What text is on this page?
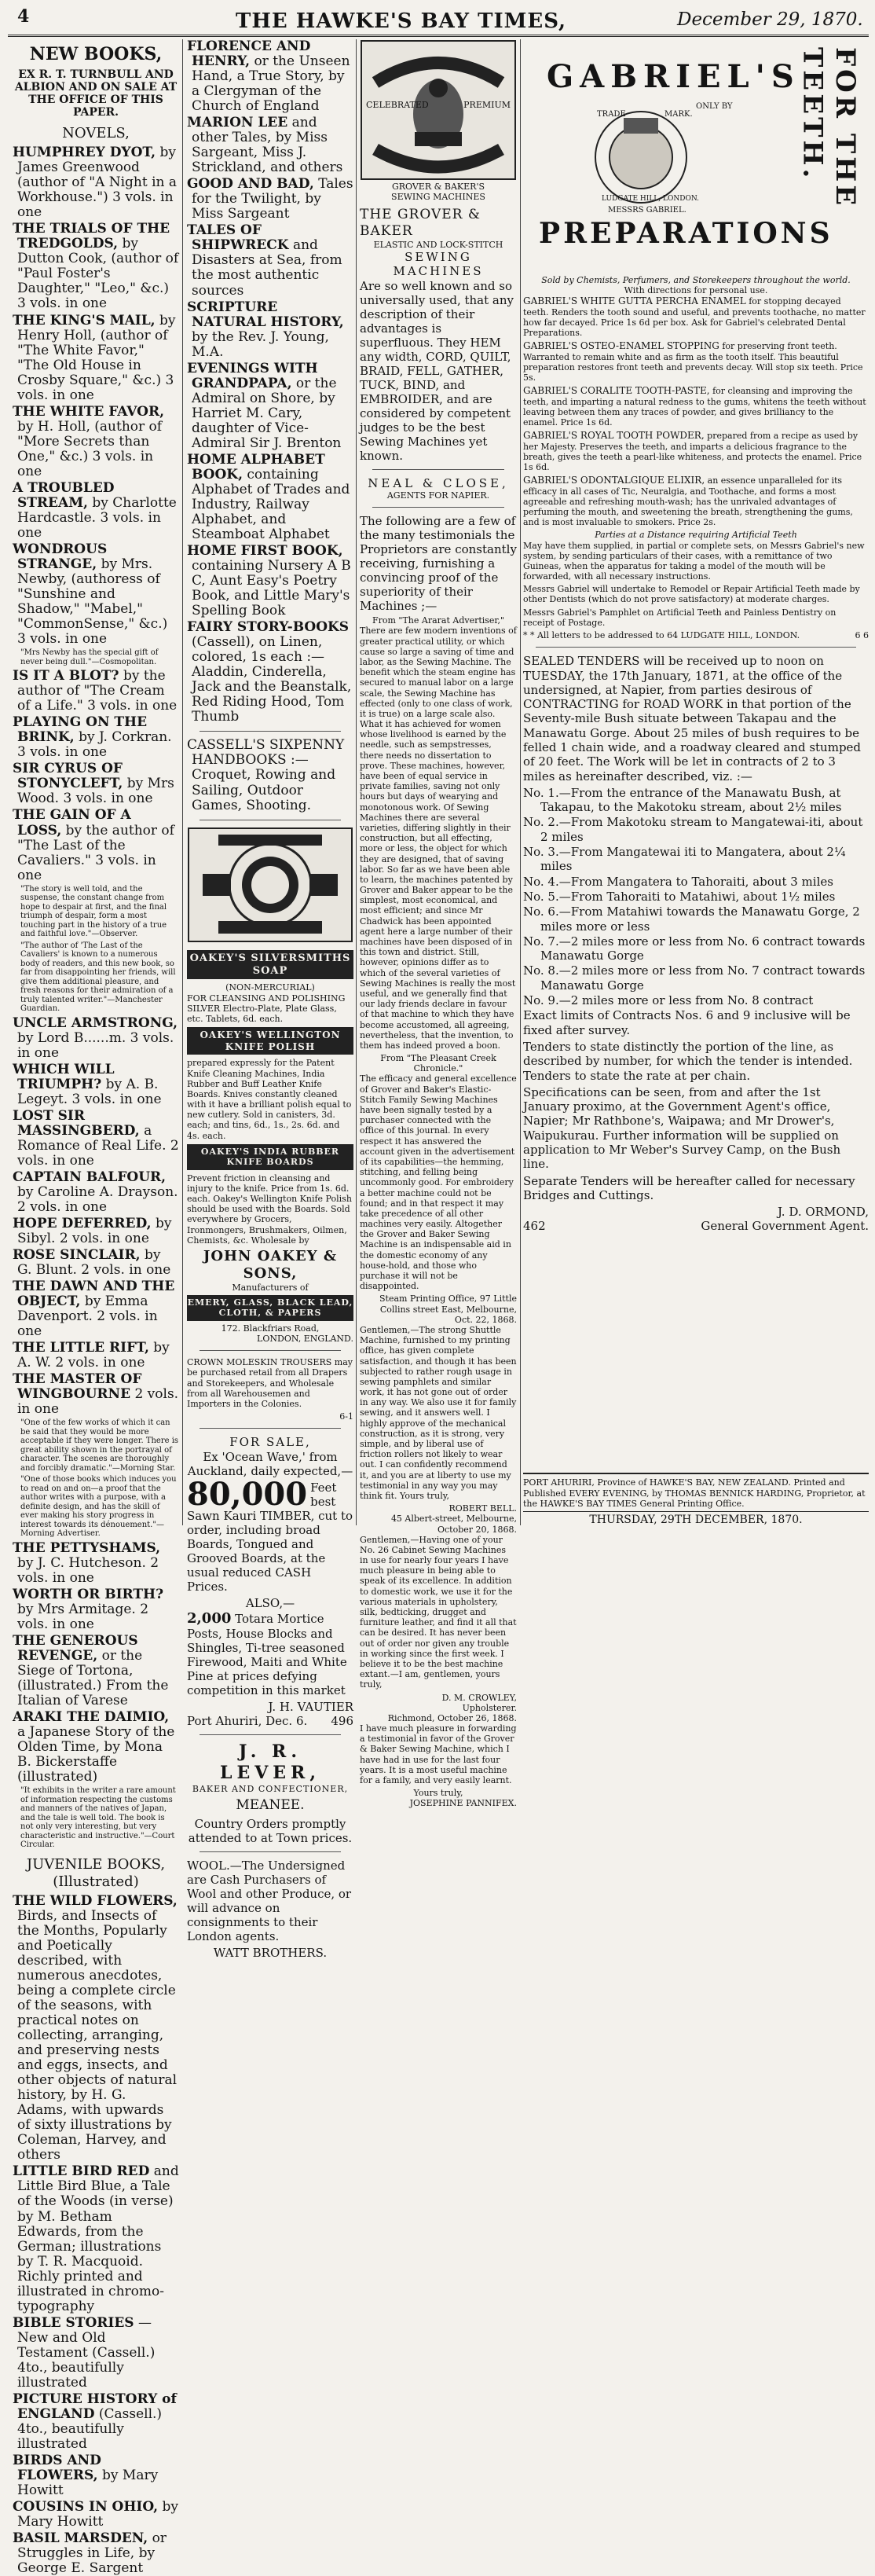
4	THE HAWKE'S BAY TIMES,	December 29, 1870.
NEW BOOKS,
EX R. T. TURNBULL AND ALBION AND ON SALE AT THE OFFICE OF THIS PAPER.
NOVELS,

HUMPHREY DYOT, by James Greenwood (author of "A Night in a Workhouse.") 3 vols. in one

THE TRIALS OF THE TREDGOLDS, by Dutton Cook, (author of "Paul Foster's Daughter," "Leo," &c.) 3 vols. in one

THE KING'S MAIL, by Henry Holl, (author of "The White Favor," "The Old House in Crosby Square," &c.) 3 vols. in one

THE WHITE FAVOR, by H. Holl, (author of "More Secrets than One," &c.) 3 vols. in one

A TROUBLED STREAM, by Charlotte Hardcastle. 3 vols. in one

WONDROUS STRANGE, by Mrs. Newby, (authoress of "Sunshine and Shadow," "Mabel," "CommonSense," &c.) 3 vols. in one

"Mrs Newby has the special gift of never being dull."—Cosmopolitan.

IS IT A BLOT? by the author of "The Cream of a Life." 3 vols. in one

PLAYING ON THE BRINK, by J. Corkran. 3 vols. in one

SIR CYRUS OF STONYCLEFT, by Mrs Wood. 3 vols. in one

THE GAIN OF A LOSS, by the author of "The Last of the Cavaliers." 3 vols. in one

"The story is well told, and the suspense, the constant change from hope to despair at first, and the final triumph of despair, form a most touching part in the history of a true and faithful love."—Observer.

"The author of 'The Last of the Cavaliers' is known to a numerous body of readers, and this new book, so far from disappointing her friends, will give them additional pleasure, and fresh reasons for their admiration of a truly talented writer."—Manchester Guardian.

UNCLE ARMSTRONG, by Lord B......m. 3 vols. in one

WHICH WILL TRIUMPH? by A. B. Legeyt. 3 vols. in one

LOST SIR MASSINGBERD, a Romance of Real Life. 2 vols. in one

CAPTAIN BALFOUR, by Caroline A. Drayson. 2 vols. in one

HOPE DEFERRED, by Sibyl. 2 vols. in one

ROSE SINCLAIR, by G. Blunt. 2 vols. in one

THE DAWN AND THE OBJECT, by Emma Davenport. 2 vols. in one

THE LITTLE RIFT, by A. W. 2 vols. in one

THE MASTER OF WINGBOURNE 2 vols. in one

"One of the few works of which it can be said that they would be more acceptable if they were longer. There is great ability shown in the portrayal of character. The scenes are thoroughly and forcibly dramatic."—Morning Star.

"One of those books which induces you to read on and on—a proof that the author writes with a purpose, with a definite design, and has the skill of ever making his story progress in interest towards its dénouement."—Morning Advertiser.

THE PETTYSHAMS, by J. C. Hutcheson. 2 vols. in one

WORTH OR BIRTH? by Mrs Armitage. 2 vols. in one

THE GENEROUS REVENGE, or the Siege of Tortona, (illustrated.) From the Italian of Varese

ARAKI THE DAIMIO, a Japanese Story of the Olden Time, by Mona B. Bickerstaffe (illustrated)

"It exhibits in the writer a rare amount of information respecting the customs and manners of the natives of Japan, and the tale is well told. The book is not only very interesting, but very characteristic and instructive."—Court Circular.

JUVENILE BOOKS, (Illustrated)

THE WILD FLOWERS, Birds, and Insects of the Months, Popularly and Poetically described, with numerous anecdotes, being a complete circle of the seasons, with practical notes on collecting, arranging, and preserving nests and eggs, insects, and other objects of natural history, by H. G. Adams, with upwards of sixty illustrations by Coleman, Harvey, and others

LITTLE BIRD RED and Little Bird Blue, a Tale of the Woods (in verse) by M. Betham Edwards, from the German; illustrations by T. R. Macquoid. Richly printed and illustrated in chromo-typography

BIBLE STORIES —New and Old Testament (Cassell.) 4to., beautifully illustrated

PICTURE HISTORY of ENGLAND (Cassell.) 4to., beautifully illustrated

BIRDS AND FLOWERS, by Mary Howitt

COUSINS IN OHIO, by Mary Howitt

BASIL MARSDEN, or Struggles in Life, by George E. Sargent

FLORENCE AND HENRY, or the Unseen Hand, a True Story, by a Clergyman of the Church of England

MARION LEE and other Tales, by Miss Sargeant, Miss J. Strickland, and others

GOOD AND BAD, Tales for the Twilight, by Miss Sargeant

TALES OF SHIPWRECK and Disasters at Sea, from the most authentic sources

SCRIPTURE NATURAL HISTORY, by the Rev. J. Young, M.A.

EVENINGS WITH GRANDPAPA, or the Admiral on Shore, by Harriet M. Cary, daughter of Vice-Admiral Sir J. Brenton

HOME ALPHABET BOOK, containing Alphabet of Trades and Industry, Railway Alphabet, and Steamboat Alphabet

HOME FIRST BOOK, containing Nursery A B C, Aunt Easy's Poetry Book, and Little Mary's Spelling Book

FAIRY STORY-BOOKS (Cassell), on Linen, colored, 1s each :—Aladdin, Cinderella, Jack and the Beanstalk, Red Riding Hood, Tom Thumb

CASSELL'S SIXPENNY HANDBOOKS :—Croquet, Rowing and Sailing, Outdoor Games, Shooting.

OAKEY'S SILVERSMITHS SOAP
(NON-MERCURIAL)

FOR CLEANSING AND POLISHING SILVER Electro-Plate, Plate Glass, etc. Tablets, 6d. each.

OAKEY'S WELLINGTON KNIFE POLISH

prepared expressly for the Patent Knife Cleaning Machines, India Rubber and Buff Leather Knife Boards. Knives constantly cleaned with it have a brilliant polish equal to new cutlery. Sold in canisters, 3d. each; and tins, 6d., 1s., 2s. 6d. and 4s. each.

OAKEY'S INDIA RUBBER KNIFE BOARDS

Prevent friction in cleansing and injury to the knife. Price from 1s. 6d. each. Oakey's Wellington Knife Polish should be used with the Boards. Sold everywhere by Grocers, Ironmongers, Brushmakers, Oilmen, Chemists, &c. Wholesale by

JOHN OAKEY & SONS,
Manufacturers of
EMERY, GLASS, BLACK LEAD, CLOTH, & PAPERS
172. Blackfriars Road,
LONDON, ENGLAND.

CROWN MOLESKIN TROUSERS may be purchased retail from all Drapers and Storekeepers, and Wholesale from all Warehousemen and Importers in the Colonies.

6-1
FOR SALE,

Ex 'Ocean Wave,' from Auckland, daily expected,—

80,000 Feet best Sawn Kauri TIMBER, cut to order, including broad Boards, Tongued and Grooved Boards, at the usual reduced CASH Prices.

ALSO,—

2,000 Totara Mortice Posts, House Blocks and Shingles, Ti-tree seasoned Firewood, Maiti and White Pine at prices defying competition in this market

J. H. VAUTIER
Port Ahuriri, Dec. 6. 496
J. R. LEVER,
BAKER AND CONFECTIONER,
MEANEE.

Country Orders promptly attended to at Town prices.

WOOL.—The Undersigned are Cash Purchasers of Wool and other Produce, or will advance on consignments to their London agents.

WATT BROTHERS.
CELEBRATED	PREMIUM
GROVER & BAKER'S
SEWING MACHINES
THE GROVER & BAKER
ELASTIC AND LOCK-STITCH
SEWING MACHINES

Are so well known and so universally used, that any description of their advantages is superfluous. They HEM any width, CORD, QUILT, BRAID, FELL, GATHER, TUCK, BIND, and EMBROIDER, and are considered by competent judges to be the best Sewing Machines yet known.

NEAL & CLOSE,
AGENTS FOR NAPIER.

The following are a few of the many testimonials the Proprietors are constantly receiving, furnishing a convincing proof of the superiority of their Machines ;—

From "The Ararat Advertiser,"

There are few modern inventions of greater practical utility, or which cause so large a saving of time and labor, as the Sewing Machine. The benefit which the steam engine has secured to manual labor on a large scale, the Sewing Machine has effected (only to one class of work, it is true) on a large scale also. What it has achieved for women whose livelihood is earned by the needle, such as sempstresses, there needs no dissertation to prove. These machines, however, have been of equal service in private families, saving not only hours but days of wearying and monotonous work. Of Sewing Machines there are several varieties, differing slightly in their construction, but all effecting, more or less, the object for which they are designed, that of saving labor. So far as we have been able to learn, the machines patented by Grover and Baker appear to be the simplest, most economical, and most efficient; and since Mr Chadwick has been appointed agent here a large number of their machines have been disposed of in this town and district. Still, however, opinions differ as to which of the several varieties of Sewing Machines is really the most useful, and we generally find that our lady friends declare in favour of that machine to which they have become accustomed, all agreeing, nevertheless, that the invention, to them has indeed proved a boon.

From "The Pleasant Creek Chronicle."

The efficacy and general excellence of Grover and Baker's Elastic-Stitch Family Sewing Machines have been signally tested by a purchaser connected with the office of this journal. In every respect it has answered the account given in the advertisement of its capabilities—the hemming, stitching, and felling being uncommonly good. For embroidery a better machine could not be found; and in that respect it may take precedence of all other machines very easily. Altogether the Grover and Baker Sewing Machine is an indispensable aid in the domestic economy of any house-hold, and those who purchase it will not be disappointed.

Steam Printing Office, 97 Little Collins street East, Melbourne, Oct. 22, 1868.

Gentlemen,—The strong Shuttle Machine, furnished to my printing office, has given complete satisfaction, and though it has been subjected to rather rough usage in sewing pamphlets and similar work, it has not gone out of order in any way. We also use it for family sewing, and it answers well. I highly approve of the mechanical construction, as it is strong, very simple, and by liberal use of friction rollers not likely to wear out. I can confidently recommend it, and you are at liberty to use my testimonial in any way you may think fit. Yours truly,

ROBERT BELL.
45 Albert-street, Melbourne, October 20, 1868.

Gentlemen,—Having one of your No. 26 Cabinet Sewing Machines in use for nearly four years I have much pleasure in being able to speak of its excellence. In addition to domestic work, we use it for the various materials in upholstery, silk, bedticking, drugget and furniture leather, and find it all that can be desired. It has never been out of order nor given any trouble in working since the first week. I believe it to be the best machine extant.—I am, gentlemen, yours truly,

D. M. CROWLEY,
Upholsterer.
Richmond, October 26, 1868.

I have much pleasure in forwarding a testimonial in favor of the Grover & Baker Sewing Machine, which I have had in use for the last four years. It is a most useful machine for a family, and very easily learnt.

Yours truly,
JOSEPHINE PANNIFEX.
GABRIEL'S
PREPARATIONS
FOR THE TEETH.
TRADE	MARK.
ONLY BY
MESSRS GABRIEL.
LUDGATE HILL, LONDON.
Sold by Chemists, Perfumers, and Storekeepers throughout the world.
With directions for personal use.

GABRIEL'S WHITE GUTTA PERCHA ENAMEL for stopping decayed teeth. Renders the tooth sound and useful, and prevents toothache, no matter how far decayed. Price 1s 6d per box. Ask for Gabriel's celebrated Dental Preparations.

GABRIEL'S OSTEO-ENAMEL STOPPING for preserving front teeth. Warranted to remain white and as firm as the tooth itself. This beautiful preparation restores front teeth and prevents decay. Will stop six teeth. Price 5s.

GABRIEL'S CORALITE TOOTH-PASTE, for cleansing and improving the teeth, and imparting a natural redness to the gums, whitens the teeth without leaving between them any traces of powder, and gives brilliancy to the enamel. Price 1s 6d.

GABRIEL'S ROYAL TOOTH POWDER, prepared from a recipe as used by her Majesty. Preserves the teeth, and imparts a delicious fragrance to the breath, gives the teeth a pearl-like whiteness, and protects the enamel. Price 1s 6d.

GABRIEL'S ODONTALGIQUE ELIXIR, an essence unparalleled for its efficacy in all cases of Tic, Neuralgia, and Toothache, and forms a most agreeable and refreshing mouth-wash; has the unrivaled advantages of perfuming the mouth, and sweetening the breath, strengthening the gums, and is most invaluable to smokers. Price 2s.

Parties at a Distance requiring Artificial Teeth

May have them supplied, in partial or complete sets, on Messrs Gabriel's new system, by sending particulars of their cases, with a remittance of two Guineas, when the apparatus for taking a model of the mouth will be forwarded, with all necessary instructions.

Messrs Gabriel will undertake to Remodel or Repair Artificial Teeth made by other Dentists (which do not prove satisfactory) at moderate charges.

Messrs Gabriel's Pamphlet on Artificial Teeth and Painless Dentistry on receipt of Postage.

* * All letters to be addressed to 64 LUDGATE HILL, LONDON.	6 6

SEALED TENDERS will be received up to noon on TUESDAY, the 17th January, 1871, at the office of the undersigned, at Napier, from parties desirous of CONTRACTING for ROAD WORK in that portion of the Seventy-mile Bush situate between Takapau and the Manawatu Gorge. About 25 miles of bush requires to be felled 1 chain wide, and a roadway cleared and stumped of 20 feet. The Work will be let in contracts of 2 to 3 miles as hereinafter described, viz. :—

No. 1.—From the entrance of the Manawatu Bush, at Takapau, to the Makotoku stream, about 2½ miles
No. 2.—From Makotoku stream to Mangatewai-iti, about 2 miles
No. 3.—From Mangatewai iti to Mangatera, about 2¼ miles
No. 4.—From Mangatera to Tahoraiti, about 3 miles
No. 5.—From Tahoraiti to Matahiwi, about 1½ miles
No. 6.—From Matahiwi towards the Manawatu Gorge, 2 miles more or less
No. 7.—2 miles more or less from No. 6 contract towards Manawatu Gorge
No. 8.—2 miles more or less from No. 7 contract towards Manawatu Gorge
No. 9.—2 miles more or less from No. 8 contract

Exact limits of Contracts Nos. 6 and 9 inclusive will be fixed after survey.

Tenders to state distinctly the portion of the line, as described by number, for which the tender is intended. Tenders to state the rate at per chain.

Specifications can be seen, from and after the 1st January proximo, at the Government Agent's office, Napier; Mr Rathbone's, Waipawa; and Mr Drower's, Waipukurau. Further information will be supplied on application to Mr Weber's Survey Camp, on the Bush line.

Separate Tenders will be hereafter called for necessary Bridges and Cuttings.

J. D. ORMOND,
462	General Government Agent.

PORT AHURIRI, Province of HAWKE'S BAY, NEW ZEALAND. Printed and Published EVERY EVENING, by THOMAS BENNICK HARDING, Proprietor, at the HAWKE'S BAY TIMES General Printing Office.

THURSDAY, 29TH DECEMBER, 1870.
